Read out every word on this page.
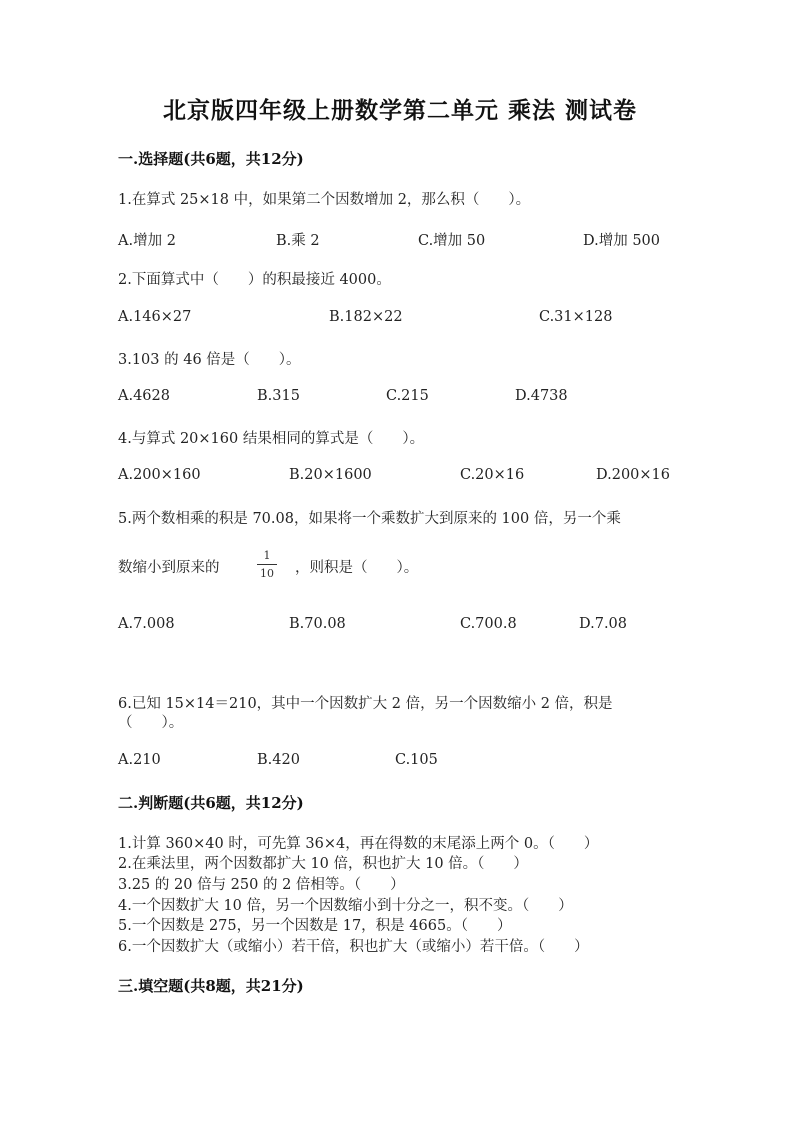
北京版四年级上册数学第二单元 乘法 测试卷
一.选择题(共6题，共12分)
1.在算式 25×18 中，如果第二个因数增加 2，那么积（　　）。
A.增加 2	B.乘 2	C.增加 50	D.增加 500
2.下面算式中（　　）的积最接近 4000。
A.146×27	B.182×22	C.31×128
3.103 的 46 倍是（　　）。
A.4628	B.315	C.215	D.4738
4.与算式 20×160 结果相同的算式是（　　）。
A.200×160	B.20×1600	C.20×16	D.200×16
5.两个数相乘的积是 70.08，如果将一个乘数扩大到原来的 100 倍，另一个乘
数缩小到原来的
1
10	，则积是（　　）。
A.7.008	B.70.08	C.700.8	D.7.08
6.已知 15×14＝210，其中一个因数扩大 2 倍，另一个因数缩小 2 倍，积是
（　　）。
A.210	B.420	C.105
二.判断题(共6题，共12分)
1.计算 360×40 时，可先算 36×4，再在得数的末尾添上两个 0。（　　）
2.在乘法里，两个因数都扩大 10 倍，积也扩大 10 倍。（　　）
3.25 的 20 倍与 250 的 2 倍相等。（　　）
4.一个因数扩大 10 倍，另一个因数缩小到十分之一，积不变。（　　）
5.一个因数是 275，另一个因数是 17，积是 4665。（　　）
6.一个因数扩大（或缩小）若干倍，积也扩大（或缩小）若干倍。（　　）
三.填空题(共8题，共21分)
